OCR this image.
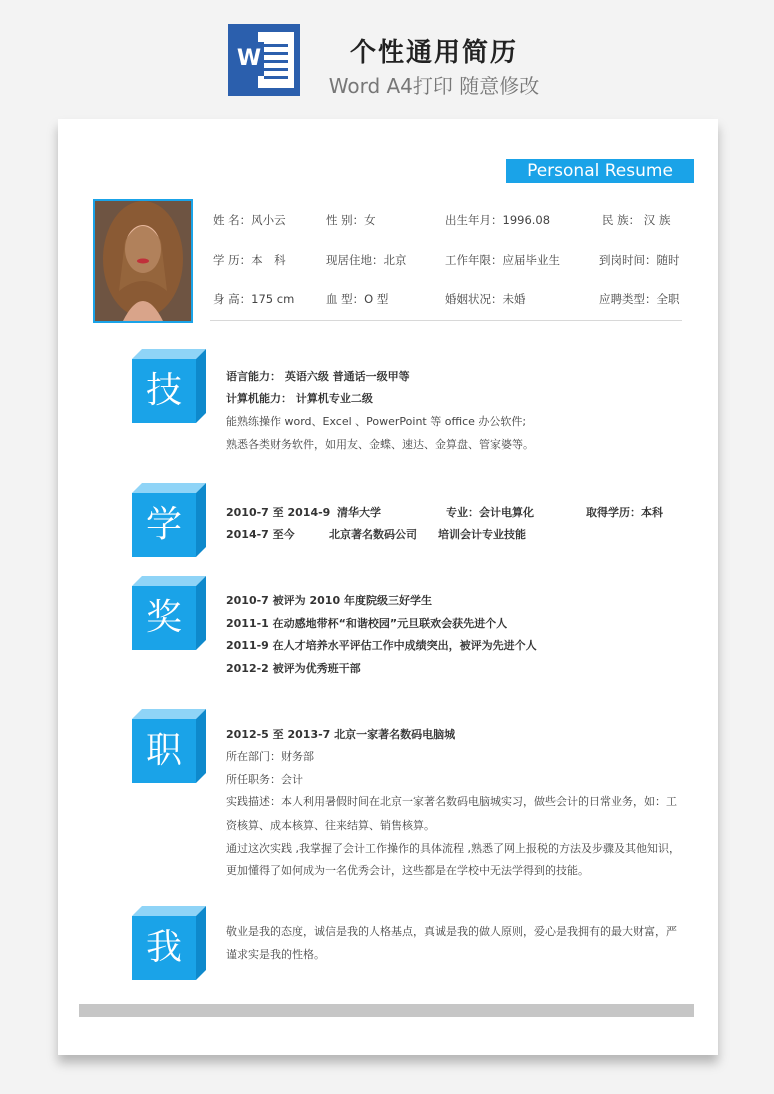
W	个性通用简历
Word A4打印 随意修改
Personal Resume
姓 名：风小云	性 别：女	出生年月：1996.08	民 族： 汉 族
学 历：本　科	现居住地：北京	工作年限：应届毕业生	到岗时间：随时
身 高：175 cm	血 型：O 型	婚姻状况：未婚	应聘类型：全职
技	语言能力： 英语六级 普通话一级甲等
计算机能力： 计算机专业二级
能熟练操作 word、Excel 、PowerPoint 等 office 办公软件;
熟悉各类财务软件，如用友、金蝶、速达、金算盘、管家婆等。
学	2010-7 至 2014-9 清华大学	专业：会计电算化	取得学历：本科
2014-7 至今	北京著名数码公司 培训会计专业技能
奖	2010-7 被评为 2010 年度院级三好学生
2011-1 在动感地带杯“和谐校园”元旦联欢会获先进个人
2011-9 在人才培养水平评估工作中成绩突出，被评为先进个人
2012-2 被评为优秀班干部
职	2012-5 至 2013-7 北京一家著名数码电脑城
所在部门：财务部
所任职务：会计
实践描述：本人利用暑假时间在北京一家著名数码电脑城实习，做些会计的日常业务，如：工
资核算、成本核算、往来结算、销售核算。
通过这次实践 ,我掌握了会计工作操作的具体流程 ,熟悉了网上报税的方法及步骤及其他知识，
更加懂得了如何成为一名优秀会计，这些都是在学校中无法学得到的技能。
我	敬业是我的态度，诚信是我的人格基点，真诚是我的做人原则，爱心是我拥有的最大财富，严
谨求实是我的性格。
